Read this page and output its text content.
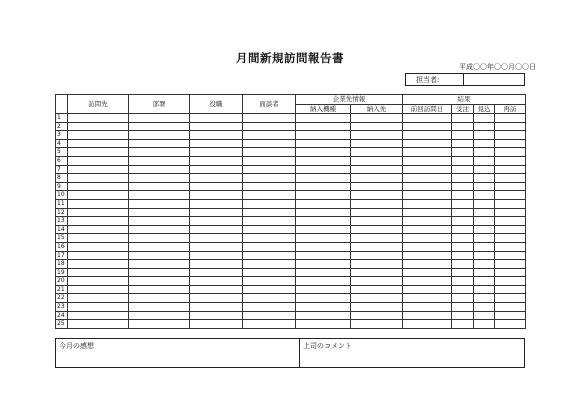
月間新規訪問報告書
平成〇〇年〇〇月〇〇日
担当者:
	訪問先	部署	役職	面談者	企業先情報		結果			
					納入機種	納入先	前回訪問日	受注	見込	再訪
1										
2										
3										
4										
5										
6										
7										
8										
9										
10										
11										
12										
13										
14										
15										
16										
17										
18										
19										
20										
21										
22										
23										
24										
25										
今月の感想	上司のコメント
